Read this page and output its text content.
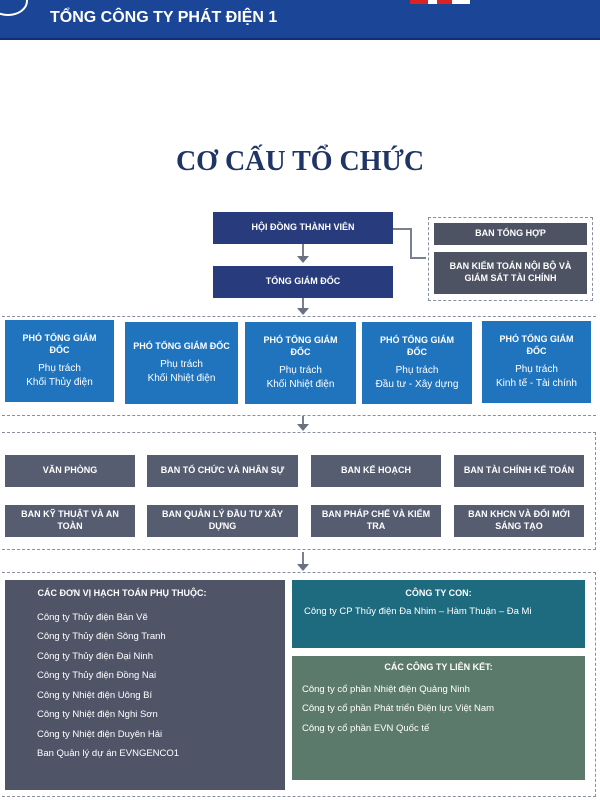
TỔNG CÔNG TY PHÁT ĐIỆN 1
CƠ CẤU TỔ CHỨC
HỘI ĐỒNG THÀNH VIÊN
TỔNG GIÁM ĐỐC
BAN TỔNG HỢP
BAN KIỂM TOÁN NỘI BỘ VÀ GIÁM SÁT TÀI CHÍNH
PHÓ TỔNG GIÁM ĐỐC
Phụ trách
Khối Thủy điện
PHÓ TỔNG GIÁM ĐỐC
Phụ trách
Khối Nhiệt điện
PHÓ TỔNG GIÁM ĐỐC
Phụ trách
Khối Nhiệt điện
PHÓ TỔNG GIÁM ĐỐC
Phụ trách
Đầu tư - Xây dựng
PHÓ TỔNG GIÁM ĐỐC
Phụ trách
Kinh tế - Tài chính
VĂN PHÒNG	BAN TỔ CHỨC VÀ NHÂN SỰ	BAN KẾ HOẠCH	BAN TÀI CHÍNH KẾ TOÁN
BAN KỸ THUẬT VÀ AN TOÀN
BAN QUẢN LÝ ĐẦU TƯ XÂY DỰNG
BAN PHÁP CHẾ VÀ KIỂM TRA
BAN KHCN VÀ ĐỔI MỚI SÁNG TẠO
CÁC ĐƠN VỊ HẠCH TOÁN PHỤ THUỘC:
Công ty Thủy điện Bản Vẽ
Công ty Thủy điện Sông Tranh
Công ty Thủy điện Đại Ninh
Công ty Thủy điện Đồng Nai
Công ty Nhiệt điện Uông Bí
Công ty Nhiệt điện Nghi Sơn
Công ty Nhiệt điện Duyên Hải
Ban Quản lý dự án EVNGENCO1
CÔNG TY CON:
Công ty CP Thủy điện Đa Nhim – Hàm Thuận – Đa Mi
CÁC CÔNG TY LIÊN KẾT:
Công ty cổ phần Nhiệt điện Quảng Ninh
Công ty cổ phần Phát triển Điện lực Việt Nam
Công ty cổ phần EVN Quốc tế
